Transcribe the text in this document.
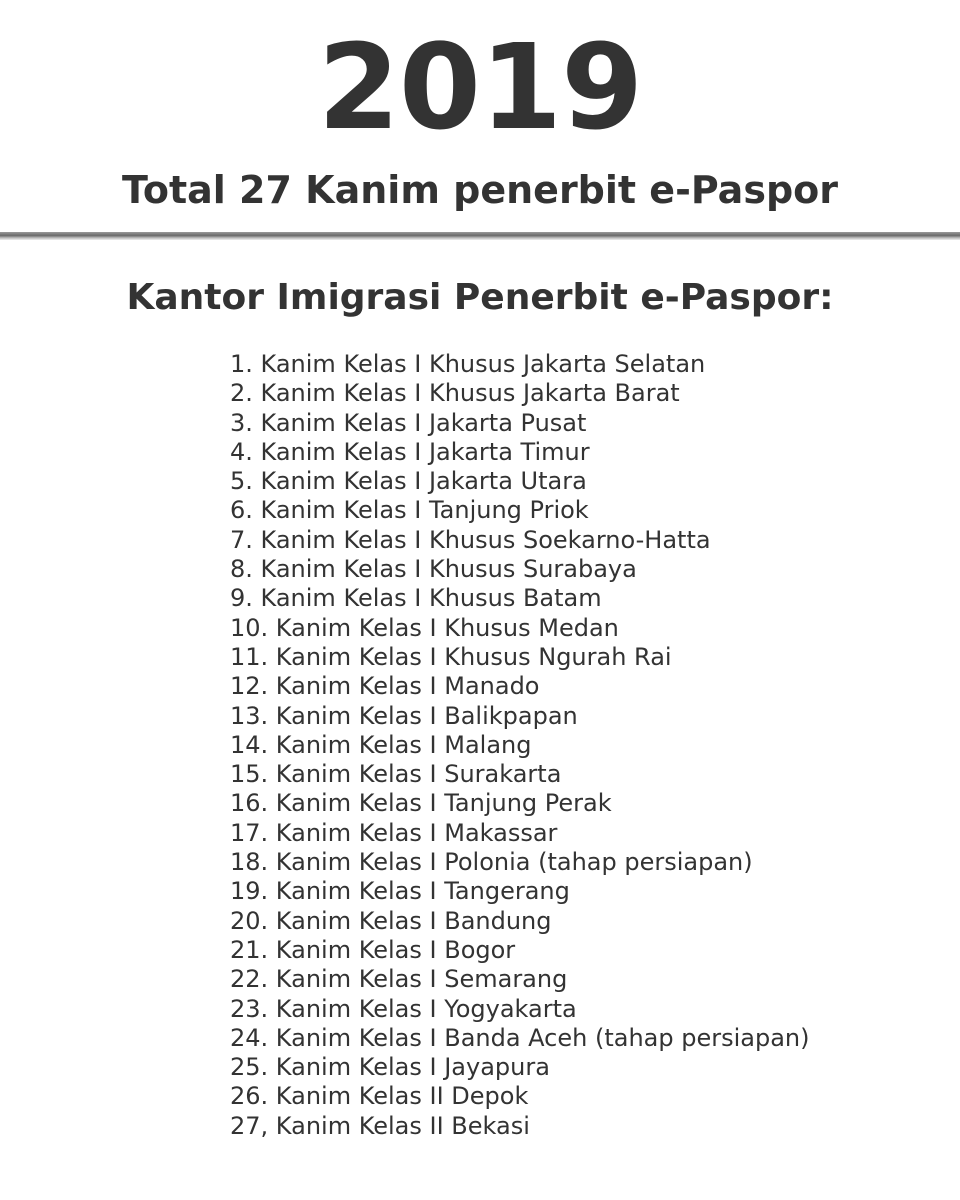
2019
Total 27 Kanim penerbit e-Paspor
Kantor Imigrasi Penerbit e-Paspor:
1. Kanim Kelas I Khusus Jakarta Selatan
2. Kanim Kelas I Khusus Jakarta Barat
3. Kanim Kelas I Jakarta Pusat
4. Kanim Kelas I Jakarta Timur
5. Kanim Kelas I Jakarta Utara
6. Kanim Kelas I Tanjung Priok
7. Kanim Kelas I Khusus Soekarno-Hatta
8. Kanim Kelas I Khusus Surabaya
9. Kanim Kelas I Khusus Batam
10. Kanim Kelas I Khusus Medan
11. Kanim Kelas I Khusus Ngurah Rai
12. Kanim Kelas I Manado
13. Kanim Kelas I Balikpapan
14. Kanim Kelas I Malang
15. Kanim Kelas I Surakarta
16. Kanim Kelas I Tanjung Perak
17. Kanim Kelas I Makassar
18. Kanim Kelas I Polonia (tahap persiapan)
19. Kanim Kelas I Tangerang
20. Kanim Kelas I Bandung
21. Kanim Kelas I Bogor
22. Kanim Kelas I Semarang
23. Kanim Kelas I Yogyakarta
24. Kanim Kelas I Banda Aceh (tahap persiapan)
25. Kanim Kelas I Jayapura
26. Kanim Kelas II Depok
27, Kanim Kelas II Bekasi
